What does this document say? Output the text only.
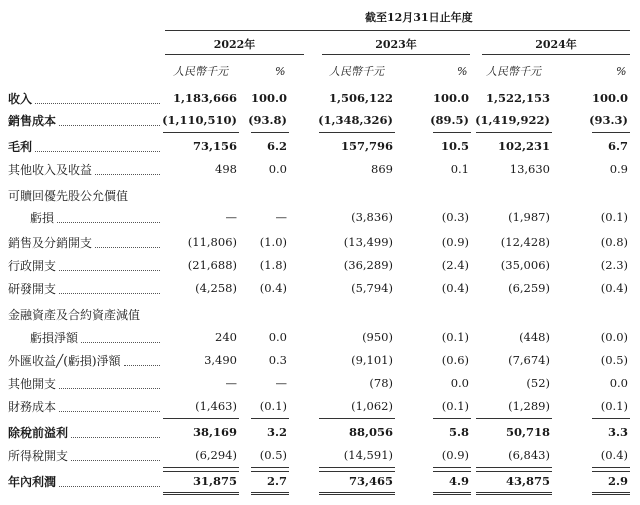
截至12月31日止年度
2022年	2023年	2024年
人民幣千元	%	人民幣千元	% 人民幣千元	%
收入	1,183,666	100.0	1,506,122	100.0	1,522,153	100.0
銷售成本	(1,110,510) (93.8)	(1,348,326)	(89.5) (1,419,922)	(93.3)
毛利	73,156	6.2	157,796	10.5	102,231	6.7
其他收入及收益	498	0.0	869	0.1	13,630	0.9
可贖回優先股公允價值
虧損	—	—	(3,836)	(0.3)	(1,987)	(0.1)
銷售及分銷開支	(11,806)	(1.0)	(13,499)	(0.9)	(12,428)	(0.8)
行政開支	(21,688)	(1.8)	(36,289)	(2.4)	(35,006)	(2.3)
研發開支	(4,258)	(0.4)	(5,794)	(0.4)	(6,259)	(0.4)
金融資產及合約資產減值
虧損淨額	240	0.0	(950)	(0.1)	(448)	(0.0)
外匯收益╱(虧損)淨額	3,490	0.3	(9,101)	(0.6)	(7,674)	(0.5)
其他開支	—	—	(78)	0.0	(52)	0.0
財務成本	(1,463)	(0.1)	(1,062)	(0.1)	(1,289)	(0.1)
除稅前溢利	38,169	3.2	88,056	5.8	50,718	3.3
所得稅開支	(6,294)	(0.5)	(14,591)	(0.9)	(6,843)	(0.4)
年內利潤	31,875	2.7	73,465	4.9	43,875	2.9
